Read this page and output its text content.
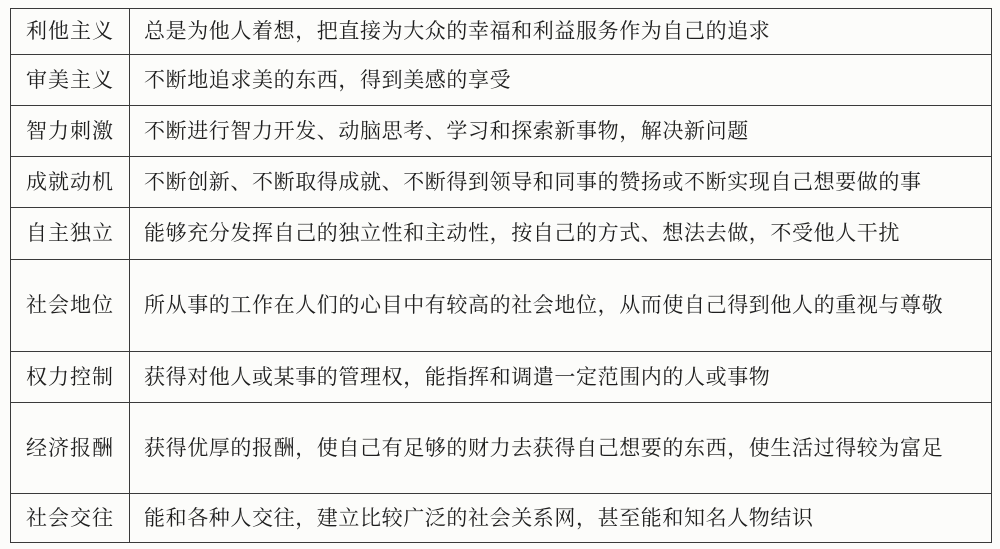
利他主义	总是为他人着想，把直接为大众的幸福和利益服务作为自己的追求
审美主义	不断地追求美的东西，得到美感的享受
智力刺激	不断进行智力开发、动脑思考、学习和探索新事物，解决新问题
成就动机	不断创新、不断取得成就、不断得到领导和同事的赞扬或不断实现自己想要做的事
自主独立	能够充分发挥自己的独立性和主动性，按自己的方式、想法去做，不受他人干扰
社会地位	所从事的工作在人们的心目中有较高的社会地位，从而使自己得到他人的重视与尊敬
权力控制	获得对他人或某事的管理权，能指挥和调遣一定范围内的人或事物
经济报酬	获得优厚的报酬，使自己有足够的财力去获得自己想要的东西，使生活过得较为富足
社会交往	能和各种人交往，建立比较广泛的社会关系网，甚至能和知名人物结识
